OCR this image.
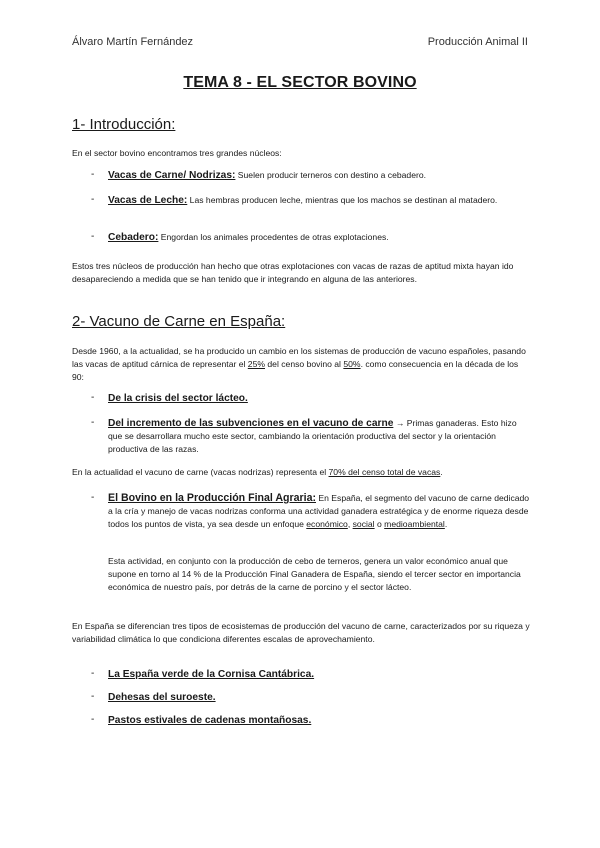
Álvaro Martín Fernández	Producción Animal II
TEMA 8 - EL SECTOR BOVINO
1- Introducción:
En el sector bovino encontramos tres grandes núcleos:
- Vacas de Carne/ Nodrizas: Suelen producir terneros con destino a cebadero.
- Vacas de Leche: Las hembras producen leche, mientras que los machos se destinan al matadero.
- Cebadero: Engordan los animales procedentes de otras explotaciones.
Estos tres núcleos de producción han hecho que otras explotaciones con vacas de razas de aptitud mixta hayan ido desapareciendo a medida que se han tenido que ir integrando en alguna de las anteriores.
2- Vacuno de Carne en España:
Desde 1960, a la actualidad, se ha producido un cambio en los sistemas de producción de vacuno españoles, pasando las vacas de aptitud cárnica de representar el 25% del censo bovino al 50%. como consecuencia en la década de los 90:
- De la crisis del sector lácteo.
- Del incremento de las subvenciones en el vacuno de carne → Primas ganaderas. Esto hizo que se desarrollara mucho este sector, cambiando la orientación productiva del sector y la orientación productiva de las razas.
En la actualidad el vacuno de carne (vacas nodrizas) representa el 70% del censo total de vacas.
- El Bovino en la Producción Final Agraria: En España, el segmento del vacuno de carne dedicado a la cría y manejo de vacas nodrizas conforma una actividad ganadera estratégica y de enorme riqueza desde todos los puntos de vista, ya sea desde un enfoque económico, social o medioambiental.
Esta actividad, en conjunto con la producción de cebo de terneros, genera un valor económico anual que supone en torno al 14 % de la Producción Final Ganadera de España, siendo el tercer sector en importancia económica de nuestro país, por detrás de la carne de porcino y el sector lácteo.
En España se diferencian tres tipos de ecosistemas de producción del vacuno de carne, caracterizados por su riqueza y variabilidad climática lo que condiciona diferentes escalas de aprovechamiento.
- La España verde de la Cornisa Cantábrica.
- Dehesas del suroeste.
- Pastos estivales de cadenas montañosas.
